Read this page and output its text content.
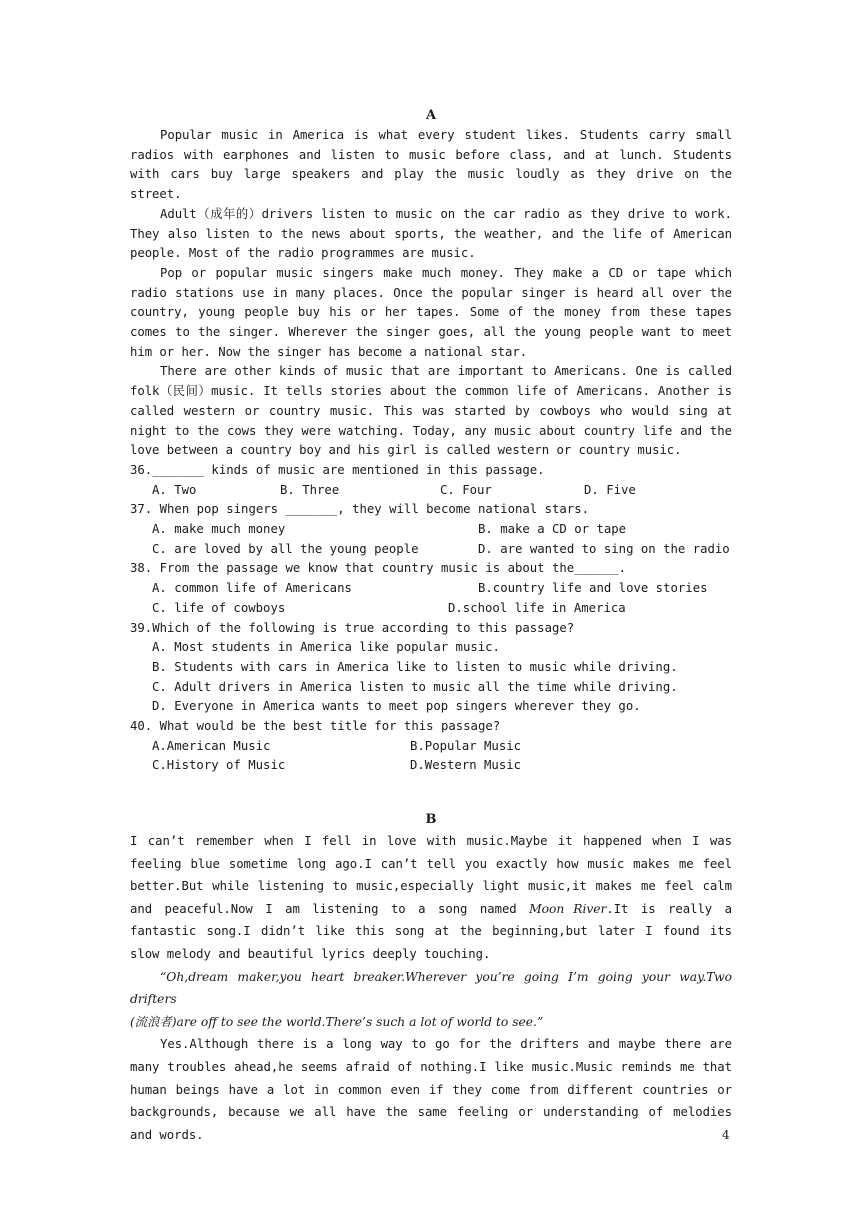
A

Popular music in America is what every student likes. Students carry small radios with earphones and listen to music before class, and at lunch. Students with cars buy large speakers and play the music loudly as they drive on the street.

Adult（成年的）drivers listen to music on the car radio as they drive to work. They also listen to the news about sports, the weather, and the life of American people. Most of the radio programmes are music.

Pop or popular music singers make much money. They make a CD or tape which radio stations use in many places. Once the popular singer is heard all over the country, young people buy his or her tapes. Some of the money from these tapes comes to the singer. Wherever the singer goes, all the young people want to meet him or her. Now the singer has become a national star.

There are other kinds of music that are important to Americans. One is called folk（民间）music. It tells stories about the common life of Americans. Another is called western or country music. This was started by cowboys who would sing at night to the cows they were watching. Today, any music about country life and the love between a country boy and his girl is called western or country music.

36._______ kinds of music are mentioned in this passage.
A. Two	B. Three	C. Four	D. Five
37. When pop singers _______, they will become national stars.
A. make much money	B. make a CD or tape
C. are loved by all the young people	D. are wanted to sing on the radio
38. From the passage we know that country music is about the______.
A. common life of Americans	B.country life and love stories
C. life of cowboys	D.school life in America
39.Which of the following is true according to this passage?
A. Most students in America like popular music.
B. Students with cars in America like to listen to music while driving.
C. Adult drivers in America listen to music all the time while driving.
D. Everyone in America wants to meet pop singers wherever they go.
40. What would be the best title for this passage?
A.American Music	B.Popular Music
C.History of Music	D.Western Music
B

I can’t remember when I fell in love with music.Maybe it happened when I was feeling blue sometime long ago.I can’t tell you exactly how music makes me feel better.But while listening to music,especially light music,it makes me feel calm and peaceful.Now I am listening to a song named Moon River.It is really a fantastic song.I didn’t like this song at the beginning,but later I found its slow melody and beautiful lyrics deeply touching.

“Oh,dream maker,you heart breaker.Wherever you’re going I’m going your way.Two drifters

(流浪者)are off to see the world.There’s such a lot of world to see.”

Yes.Although there is a long way to go for the drifters and maybe there are many troubles ahead,he seems afraid of nothing.I like music.Music reminds me that human beings have a lot in common even if they come from different countries or backgrounds, because we all have the same feeling or understanding of melodies and words.	4
